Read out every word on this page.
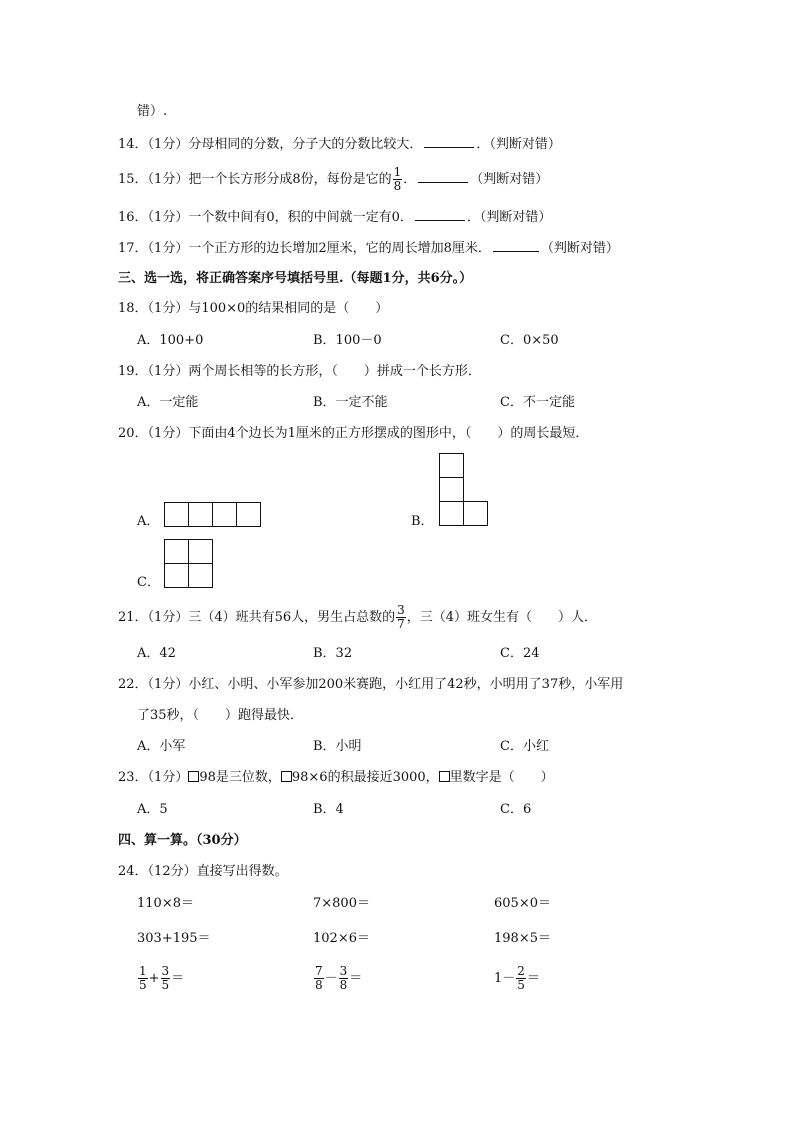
错）.
14．（1分）分母相同的分数，分子大的分数比较大．	．（判断对错）
15．（1分）把一个长方形分成8份，每份是它的 $\frac{1}{8}$ ．	（判断对错）
16．（1分）一个数中间有0，积的中间就一定有0．	．（判断对错）
17．（1分）一个正方形的边长增加2厘米，它的周长增加8厘米．	（判断对错）
三、选一选，将正确答案序号填括号里.（每题1分，共6分。）
18．（1分）与100×0的结果相同的是（　　）
A．100+0	B．100－0	C．0×50
19．（1分）两个周长相等的长方形，（　　）拼成一个长方形．
A．一定能	B．一定不能	C．不一定能
20．（1分）下面由4个边长为1厘米的正方形摆成的图形中，（　　）的周长最短．
A．	B．
C．
21．（1分）三（4）班共有56人，男生占总数的 $\frac{3}{7}$ ，三（4）班女生有（　　）人．
A．42	B．32	C．24
22．（1分）小红、小明、小军参加200米赛跑，小红用了42秒，小明用了37秒，小军用
了35秒，（　　）跑得最快．
A．小军	B．小明	C．小红
23．（1分） 98是三位数， 98×6的积最接近3000， 里数字是（　　）
A．5	B．4	C．6
四、算一算。（30分）
24．（12分）直接写出得数。
110×8＝	7×800＝	605×0＝
303+195＝	102×6＝	198×5＝
$\frac{1}{5} + \frac{3}{5}$ ＝	$\frac{7}{8} - \frac{3}{8}$ ＝	$1- \frac{2}{5}$ ＝
